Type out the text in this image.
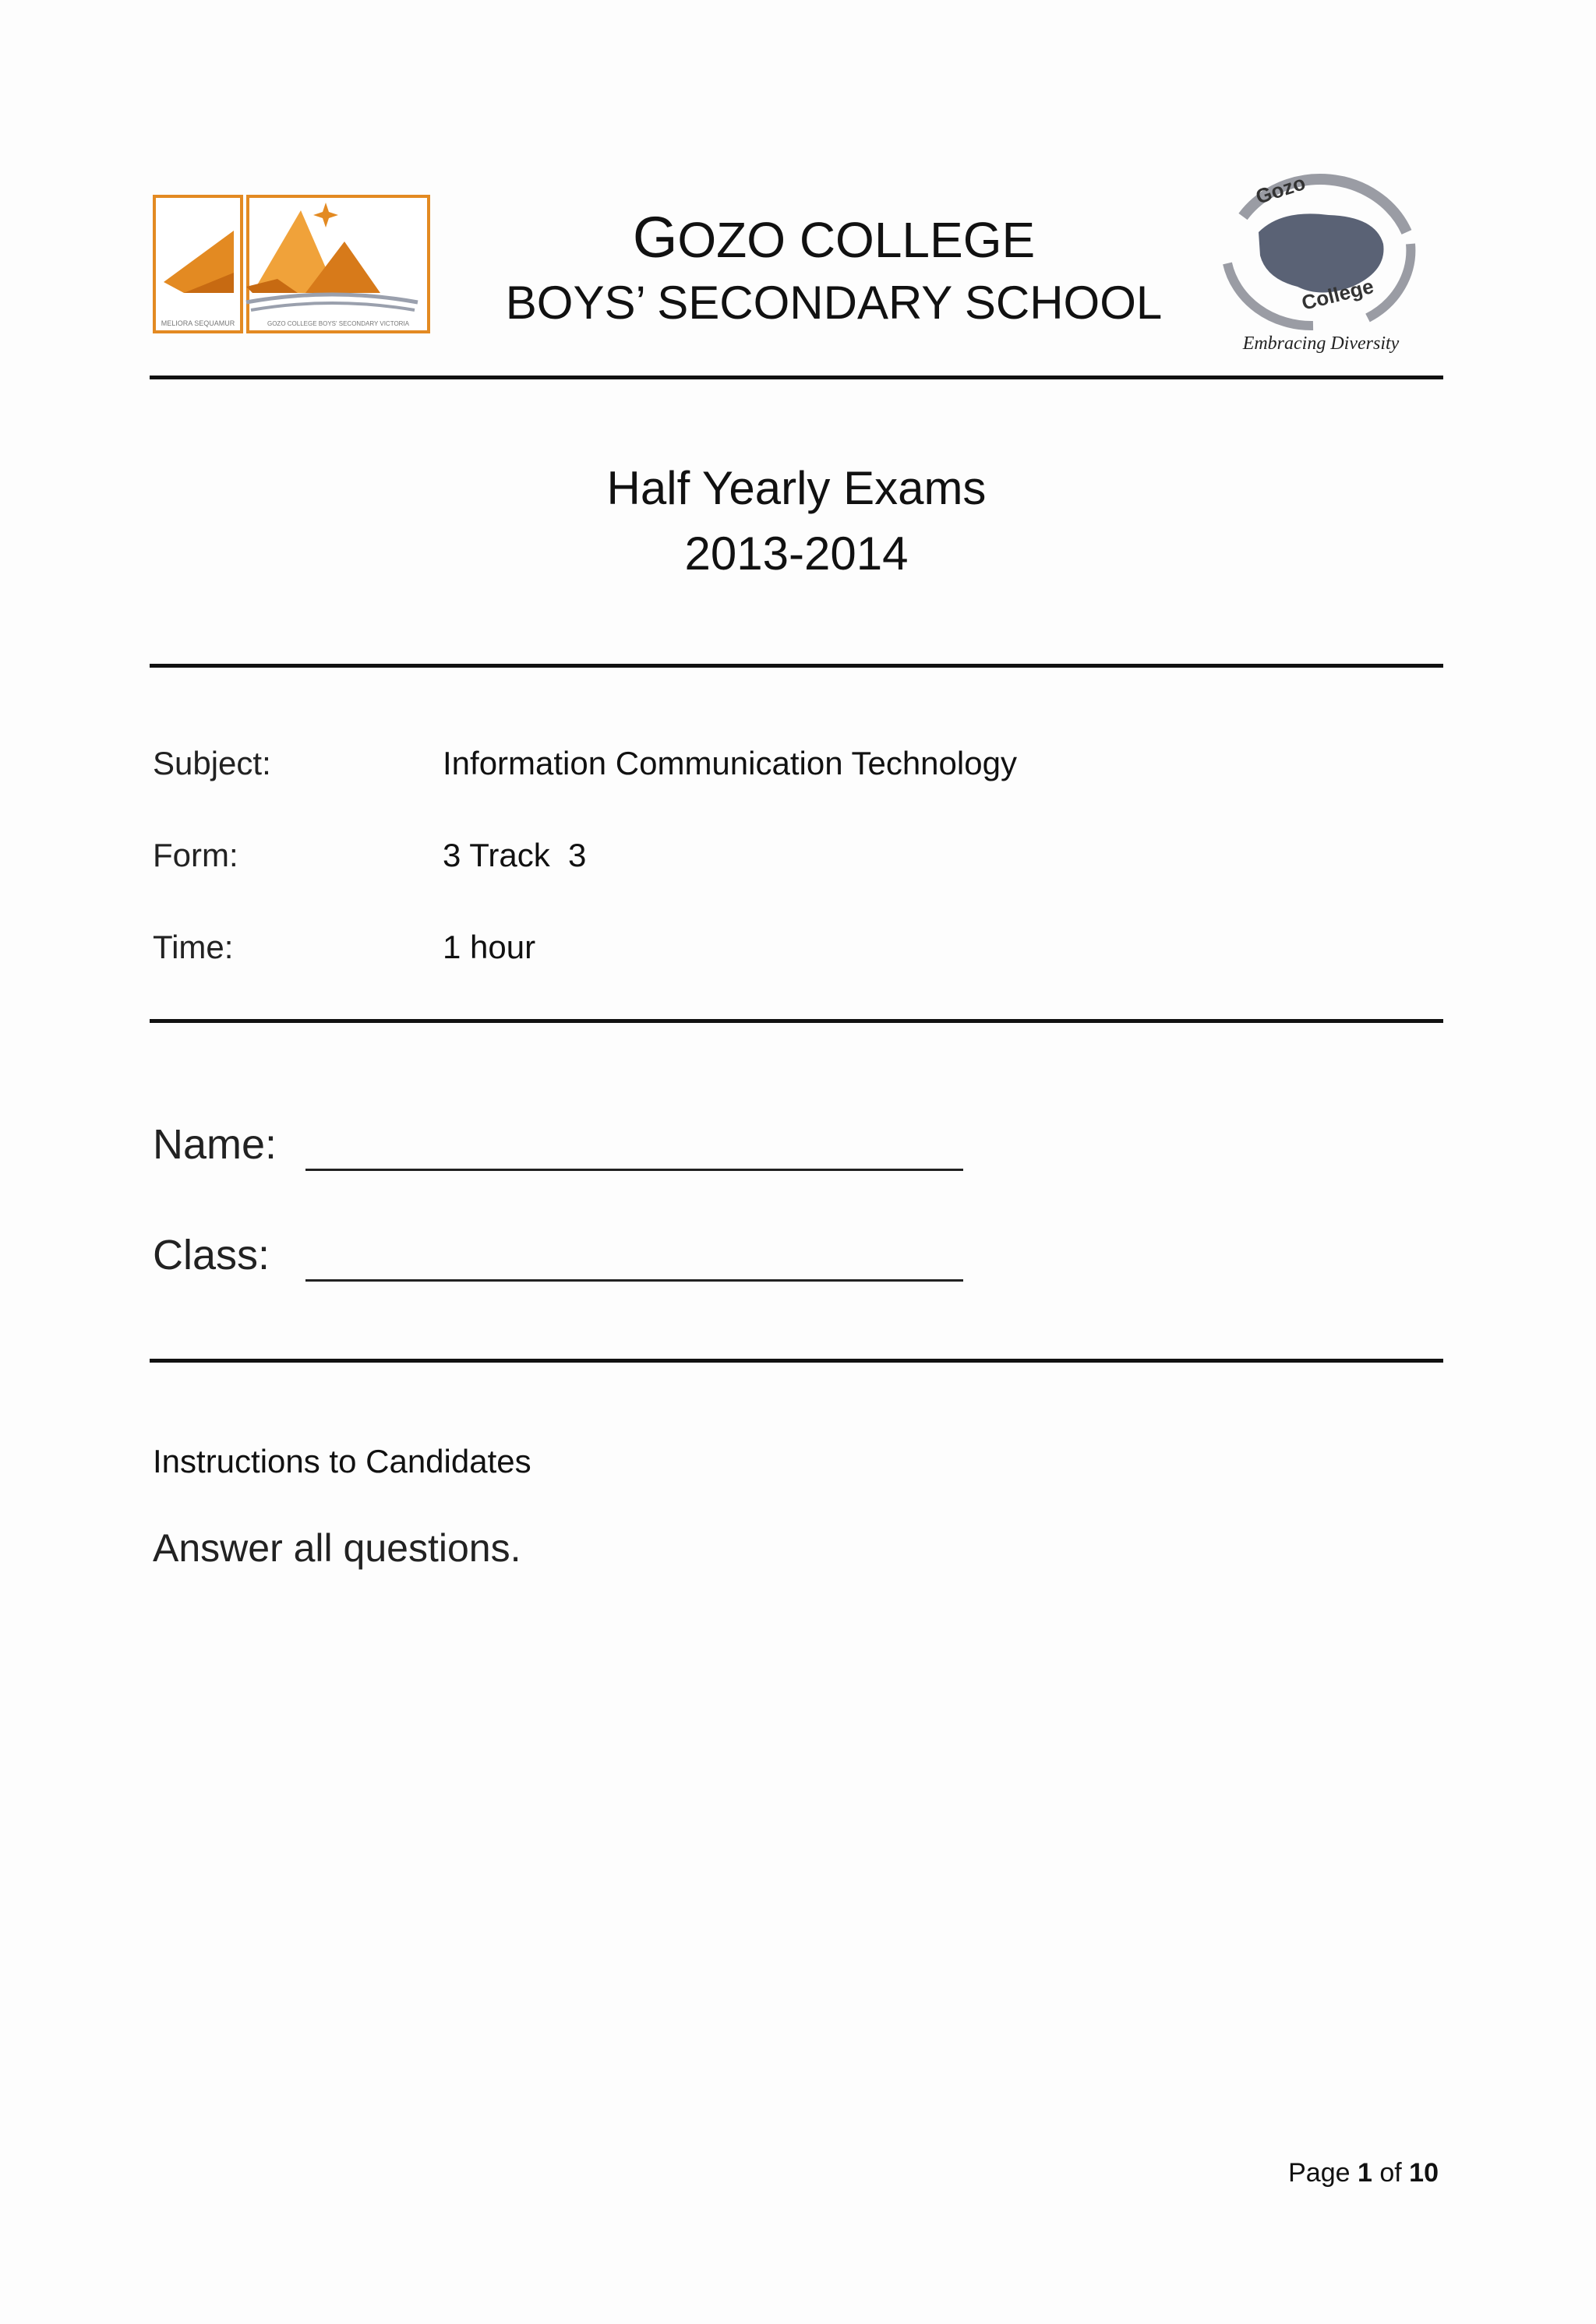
MELIORA SEQUAMUR	GOZO COLLEGE BOYS' SECONDARY VICTORIA
GOZO COLLEGE
BOYS’ SECONDARY SCHOOL
Gozo
College
Embracing Diversity
Half Yearly Exams
2013-2014
Subject:	Information Communication Technology
Form:	3 Track  3
Time:	1 hour
Name:
Class:
Instructions to Candidates
Answer all questions.
Page 1 of 10
